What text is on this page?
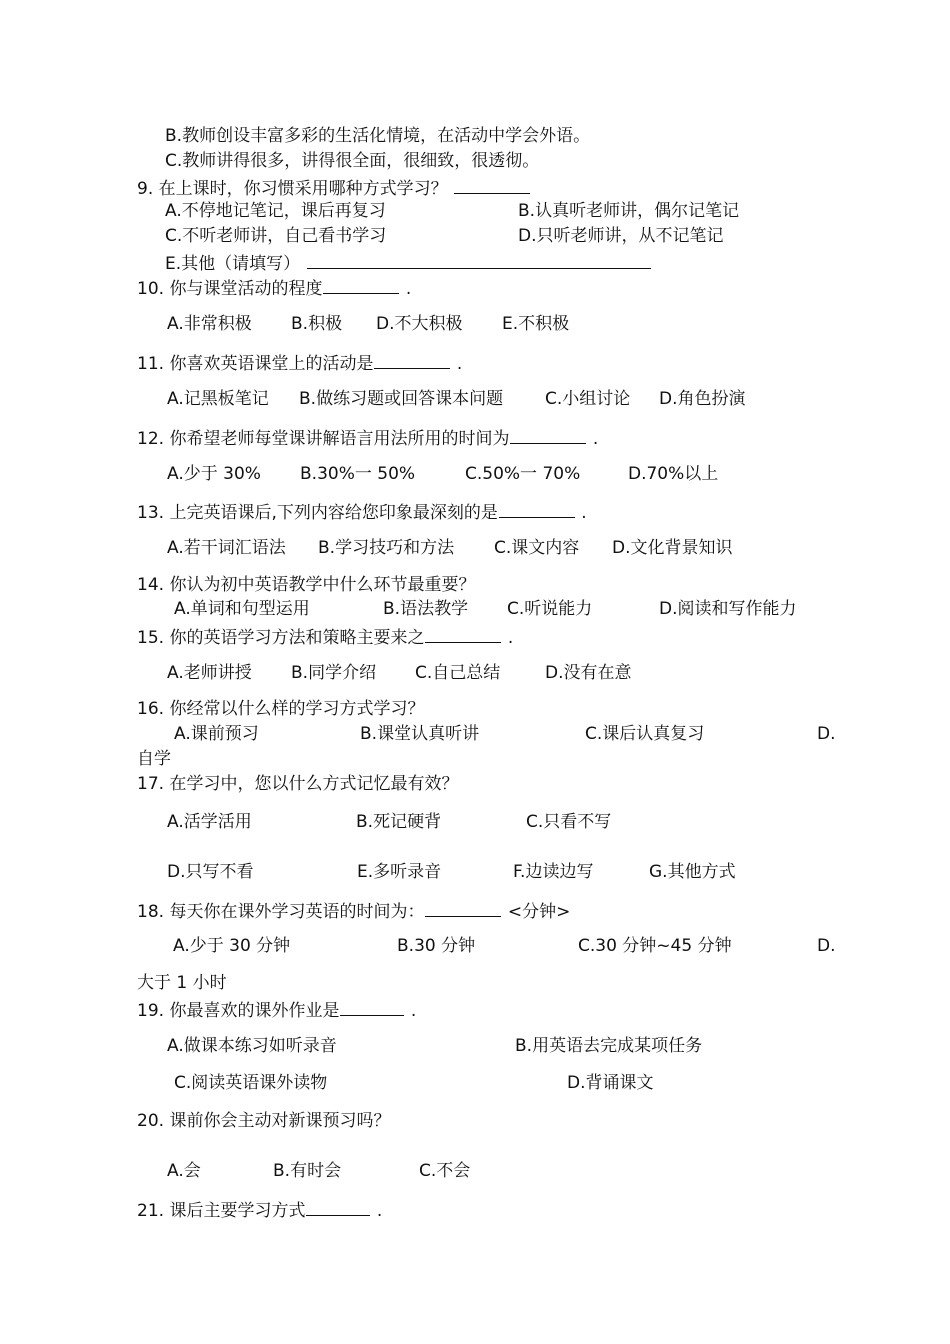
B.教师创设丰富多彩的生活化情境，在活动中学会外语。
C.教师讲得很多，讲得很全面，很细致，很透彻。
9. 在上课时，你习惯采用哪种方式学习？
A.不停地记笔记，课后再复习	B.认真听老师讲，偶尔记笔记
C.不听老师讲，自己看书学习	D.只听老师讲，从不记笔记
E.其他（请填写）
10. 你与课堂活动的程度	.
A.非常积极 B.积极 D.不大积极 E.不积极
11. 你喜欢英语课堂上的活动是	.
A.记黑板笔记 B.做练习题或回答课本问题 C.小组讨论 D.角色扮演
12. 你希望老师每堂课讲解语言用法所用的时间为	.
A.少于 30% B.30%一 50%	C.50%一 70%	D.70%以上
13. 上完英语课后,下列内容给您印象最深刻的是	.
A.若干词汇语法 B.学习技巧和方法 C.课文内容 D.文化背景知识
14. 你认为初中英语教学中什么环节最重要？
A.单词和句型运用	B.语法教学 C.听说能力	D.阅读和写作能力
15. 你的英语学习方法和策略主要来之	.
A.老师讲授 B.同学介绍 C.自己总结	D.没有在意
16. 你经常以什么样的学习方式学习？
A.课前预习	B.课堂认真听讲	C.课后认真复习	D.
自学
17. 在学习中，您以什么方式记忆最有效？
A.活学活用	B.死记硬背	C.只看不写
D.只写不看	E.多听录音	F.边读边写	G.其他方式
18. 每天你在课外学习英语的时间为：	<分钟>
A.少于 30 分钟	B.30 分钟	C.30 分钟~45 分钟	D.
大于 1 小时
19. 你最喜欢的课外作业是	.
A.做课本练习如听录音	B.用英语去完成某项任务
C.阅读英语课外读物	D.背诵课文
20. 课前你会主动对新课预习吗？
A.会	B.有时会	C.不会
21. 课后主要学习方式	.
